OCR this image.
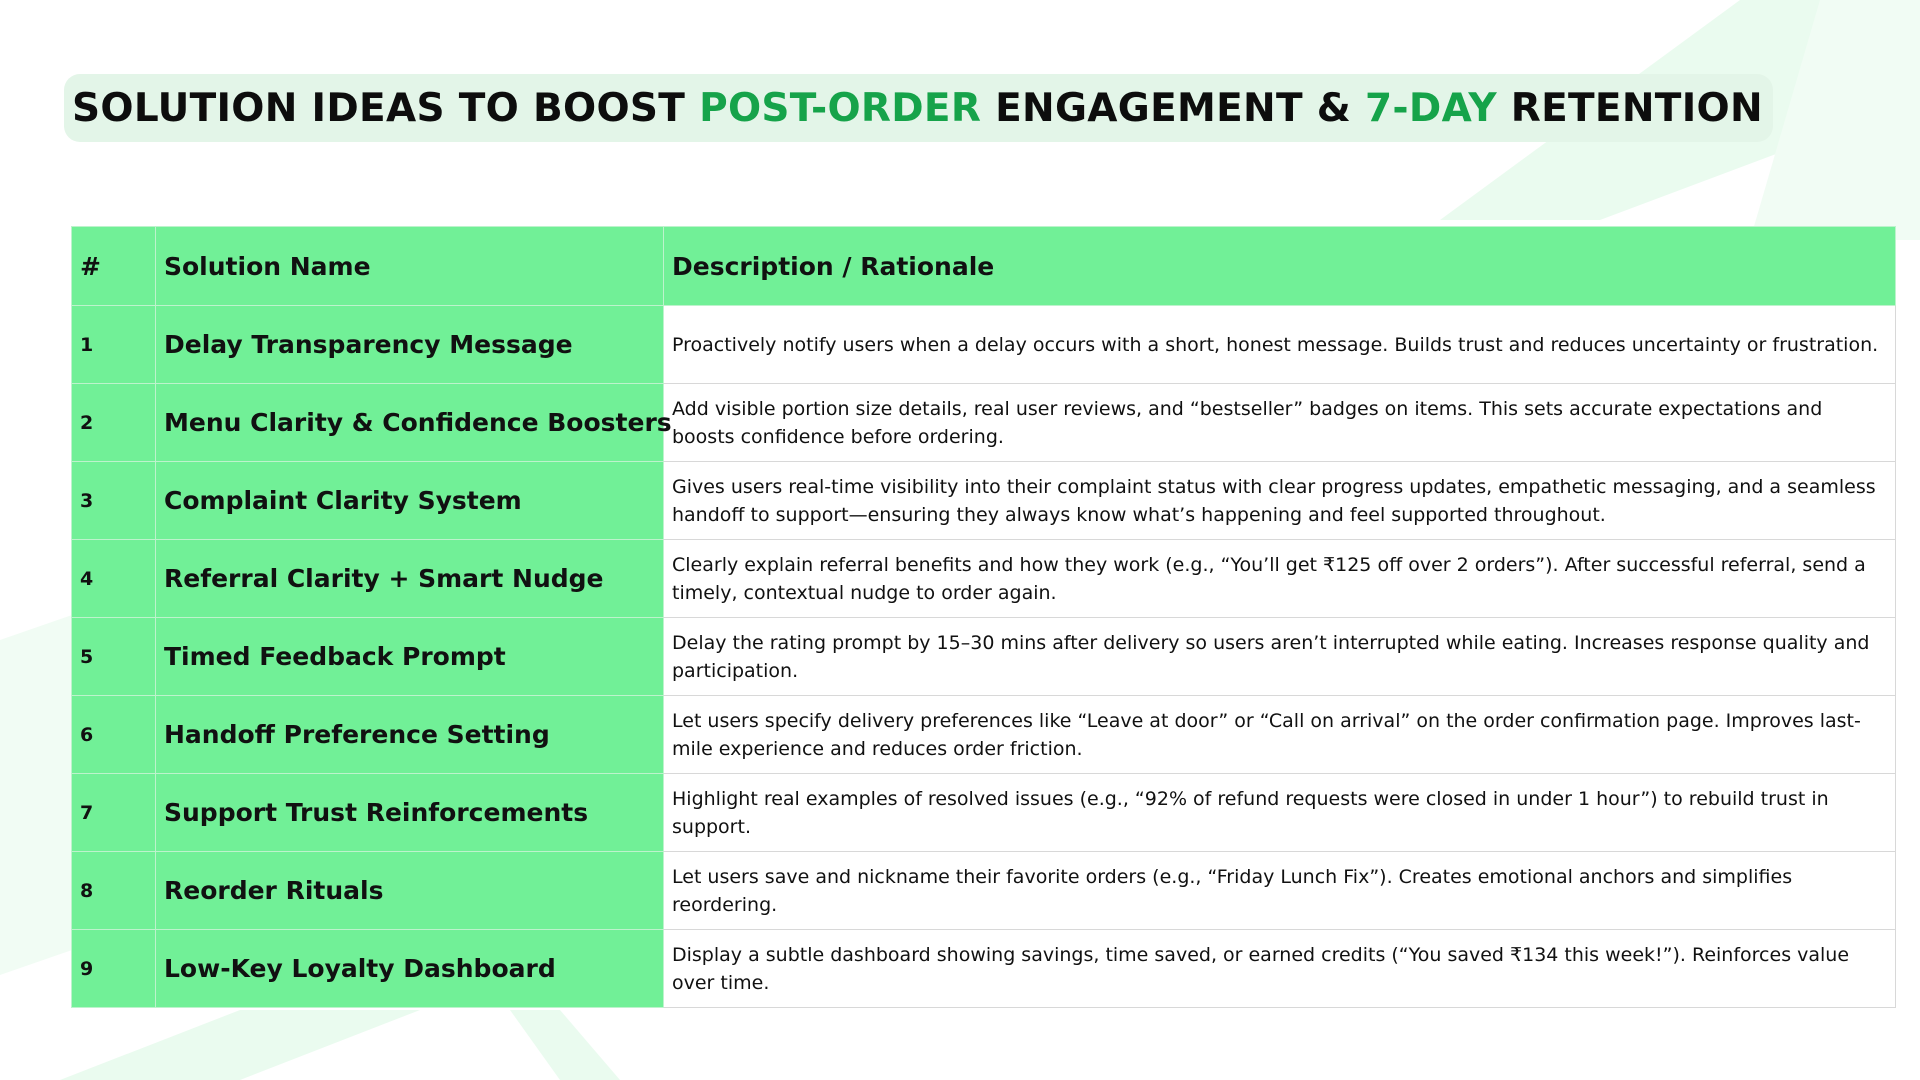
SOLUTION IDEAS TO BOOST POST-ORDER ENGAGEMENT & 7-DAY RETENTION
#	Solution Name	Description / Rationale
1	Delay Transparency Message	Proactively notify users when a delay occurs with a short, honest message. Builds trust and reduces uncertainty or frustration.
2	Menu Clarity & Confidence Boosters	Add visible portion size details, real user reviews, and “bestseller” badges on items. This sets accurate expectations and boosts confidence before ordering.
3	Complaint Clarity System	Gives users real-time visibility into their complaint status with clear progress updates, empathetic messaging, and a seamless handoff to support—ensuring they always know what’s happening and feel supported throughout.
4	Referral Clarity + Smart Nudge	Clearly explain referral benefits and how they work (e.g., “You’ll get ₹125 off over 2 orders”). After successful referral, send a timely, contextual nudge to order again.
5	Timed Feedback Prompt	Delay the rating prompt by 15–30 mins after delivery so users aren’t interrupted while eating. Increases response quality and participation.
6	Handoff Preference Setting	Let users specify delivery preferences like “Leave at door” or “Call on arrival” on the order confirmation page. Improves last-mile experience and reduces order friction.
7	Support Trust Reinforcements	Highlight real examples of resolved issues (e.g., “92% of refund requests were closed in under 1 hour”) to rebuild trust in support.
8	Reorder Rituals	Let users save and nickname their favorite orders (e.g., “Friday Lunch Fix”). Creates emotional anchors and simplifies reordering.
9	Low-Key Loyalty Dashboard	Display a subtle dashboard showing savings, time saved, or earned credits (“You saved ₹134 this week!”). Reinforces value over time.
